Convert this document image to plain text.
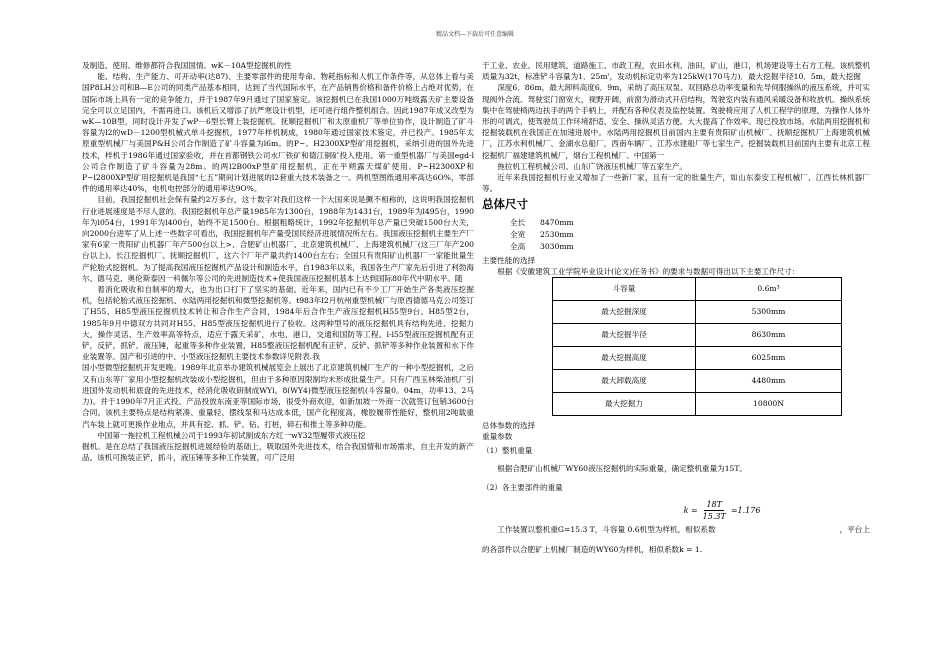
精品文档---下载后可任意编辑

及制造、使用、维修都符合我国国情。wK－10A型挖掘机的性

能、结构、生产能力、可开动率(达87)、主要零部件的使用寿命、物耗指标和人机工作条件等，从总体上看与美国P8LH公司和B—E公司的同类产品基本相同，达到了当代国际水平，在产品销售价格和备件价格上占绝对优势，在国际市场上具有一定的竞争能力，并于1987年9月通过了国家鉴定。该挖掘机已在我国1000万吨级露天矿主要设备完全可以立足国内，不需再进口。该机后又增添了抗严寒设计机型，还可进行组件整机组合。因此1987年成又改型为wK—10B型，同时设计开发了wP－6型长臂上装挖掘机。抚顺挖掘机厂和太原重机厂等单位协作，设计制造了矿斗容量为l2的wD－1200型机械式单斗挖掘机，1977年样机制成，1980年通过国家技术鉴定，并已投产。1985年太原重型机械厂与美国P&H公司合作制造了矿斗容量为l6m。的P~。H2300XP型矿用挖掘机，采纳引进的国外先进技术，样机于1986年通过国家验收，并在首都钢铁公司水厂铁矿和德江铜矿投入使用。第一重型机器厂与美国egd-l公司合作制造了矿斗容量为28m。的两l2B00xP型矿用挖掘机，正在平朔露天煤矿使用。P~H2300XP和P~l2800XP型矿用挖掘机是我国“七五”期间计划进展的l2套重大技术装备之一。两机型图纸通用率高达6O%，零部件的通用率达40%，电机电控部分的通用率达9O%。

目前，我国挖掘机社会保有量约2万多台，这十数字对我们这样一个大国来说是撅不相称的，这说明我国挖掘机行业进展速度是不尽人意的。我国挖掘机年总产量1985年为1300台，1988年为1431台，1989年为l495台，1990年为l054台，1991年为l400台，始终不足1500台。根据粗略统计，1992年挖掘机年总产量已突破1500台大关，向2000台进军了从上述一些数字可看出，我国挖掘机年产量受国民经济进展情况所左右。我国液压挖掘机主要生产厂家有6家一贵阳矿山机器厂年产500台以上>、合肥矿山机器厂、北京建筑机械厂、上海建筑机械厂(这三厂年产200台以上)、长江挖掘机厂、抚顺挖掘机厂，这六个厂年产量共约1400台左右；全国只有贵阳矿山机器厂一家能批量生产轮胎式挖掘机。为了提高我国液压挖掘机产品设计和制造水平，自1983年以来，我国各生产厂家先后引进了利勃海尔、德马克、奥伦斯泰因一科佩尔等公司的先进制造技术+使我国液压挖掘机基本上达到国际80年代中期水平。随

着消化吸收和自制率的增大，也为出口打下了坚实的基础。近年来，国内已有不少工厂开始生产各类液压挖掘机，包括轮胎式液压挖掘机、水陆两用挖掘机和微型挖掘机等。t983年l2月杭州重型机械厂与原西德德马克公司签订了H55、H85型液压挖掘机技术转让和合作生产合同，1984年后合作生产液压挖掘机H55型9台、H85型2台，1985年9月中德双方共同对H55、H85型液压挖掘机进行了验收。这两种型号的液压挖掘机具有结构先进、挖掘力大，操作灵活、生产效率高等特点，适应于露天采矿，水电，港口，交通和国防等工程。l-l55型液压挖掘机配有正铲，反铲，抓铲、液压锤，起重等多种作业装置，H85整液压挖掘机配有正铲、反铲、抓铲等多种作业装置和水下作业装置等。国产和引进的中、小型液压挖掘机主要技术参数详见附表.我

国小型微型挖掘机开发更晚。1989年北京举办建筑机械展览会上展出了北京建筑机械厂生产的一种小型挖掘机，之后又有山东等厂家用小型挖掘机改装成小型挖掘机，但由于多种原因限制均未形成批量生产。只有广西玉林柴油机厂引进国外发动机和底盘的先进技术，经消化吸收研制成WYl。8(WY4)微型液压挖掘机(斗容量0。04m，功率13。2马力)。并于1990年7月正式投。产品投放东南亚等国际市场，很受外商欢迎，如新加坡一外商一次就签订包销3600台合同。该机主要特点是结构紧凑、重量轻、摆线泵和马达成本低，国产化程度高，橡胶履带性能好，整机用2吨载重汽车装上就可更换作业地点，并具有挖、抓、铲、钻、打桩，碎石和推土等多种功能。

中国第一拖拉机工程机械公司于1993年初试制成东方红一wY32型履带式液压挖

掘机。是在总结了我国液压挖掘机进展经验的基础上，吸取国外先进技术，结合我国情和市场需求，自主开发的新产品。该机可换装正铲，抓斗，液压锤等多种工作装置，可广泛用

于工业、农业、民用建筑，道路施工、市政工程，农田水利、油田，矿山，港口，机场建设等土石方工程。该机整机质量为32t，标准铲斗容量为1．25m'，发动机标定功率为125kW(170马力)．最大挖掘半径10．5m，最大挖掘

深度6．86m，最大卸料高度6．9m，采纳了高压双泵、双回路总功率变量和先导伺服操纵的液压系统，并可实现阀外合流。驾驶室门窗宽大，视野开阔，前窗为滑动式开启结构，驾驶室内装有通风采暖设备和收放机。操纵系统集中在驾驶椅两边扶手的两个手柄上，并配有各种仪表及监控装置。驾驶椅应用了人机工程学的原理，为操作人体外形的可调式，使驾驶员工作环境舒适、安全、操纵灵活方便。大大提高了作效率。现已投放市场。水陆两用挖掘机和挖掘装载机在我国正在加速进展中。水陆两用挖掘机目前国内主要有贵阳矿山机械厂、抚顺挖掘机厂上海建筑机械厂，江苏水利机械厂、金湖水总船厂，西南车辆厂、江苏水建船厂等七家生产。挖掘装载机目前国内主要有北京工程挖掘机厂福建建筑机械厂，烟台工程机械厂、中国第一

拖拉机工程机械公司、山东广饶液压机械厂等五家生产。

近年来我国挖掘机行业又增加了一些新厂家，且有一定的批量生产，如山东泰安工程机械厂、江西长林机器厂等。

总体尺寸
全长	8470mm
全宽	2530mm
全高	3030mm

主要性能的选择

根据《安徽建筑工业学院毕业设计(论文)任务书》的要求与数据可得出以下主要工作尺寸：

斗容量	0.6m³
最大挖掘深度	5300mm
最大挖掘半径	8630mm
最大挖掘高度	6025mm
最大卸载高度	4480mm
最大挖掘力	10800N

总体参数的选择

重量参数

（1）整机重量

根据合肥矿山机械厂WY60液压挖掘机的实际重量，确定整机重量为15T。

（2）各主要部件的重量

$k = \frac{18T}{15.3T} =1.176$

工作装置以整机重G=15.3 T，斗容量 0.6机型为样机，相似系数	，平台上

的各部件以合肥矿上机械厂制造的WY60为样机，相似系数k = 1.
